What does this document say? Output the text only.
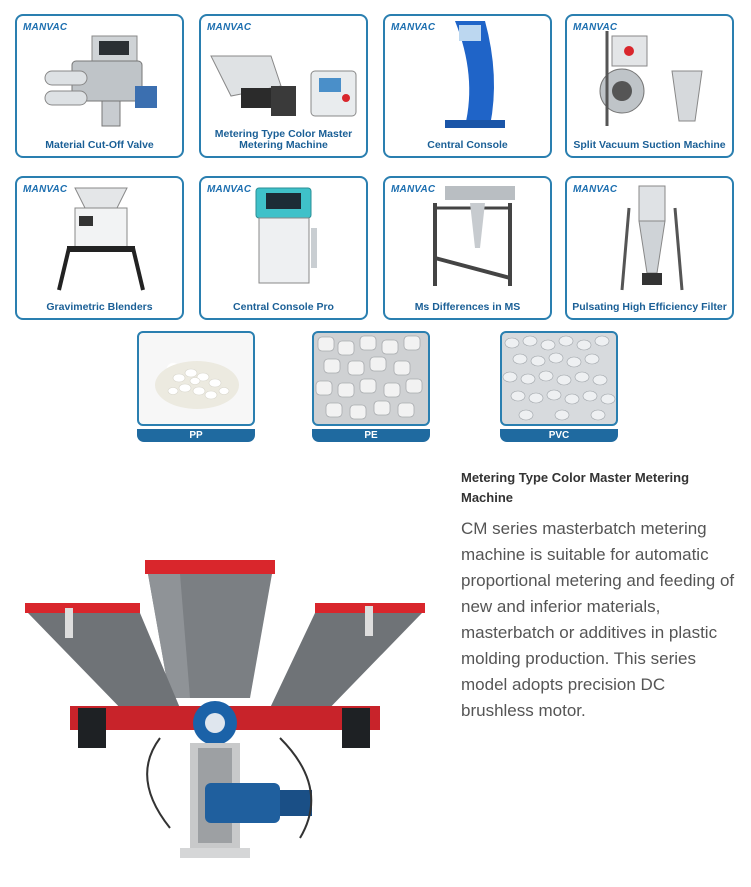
MANVAC
Material Cut-Off Valve
MANVAC
Metering Type Color Master Metering Machine
MANVAC
Central Console
MANVAC
Split Vacuum Suction Machine
MANVAC
Gravimetric Blenders
MANVAC
Central Console Pro
MANVAC
Ms Differences in MS
MANVAC
Pulsating High Efficiency Filter
PP	PE	PVC
Metering Type Color Master Metering Machine
CM series masterbatch metering machine is suitable for automatic proportional metering and feeding of new and inferior materials, masterbatch or additives in plastic molding production. This series model adopts precision DC brushless motor.
